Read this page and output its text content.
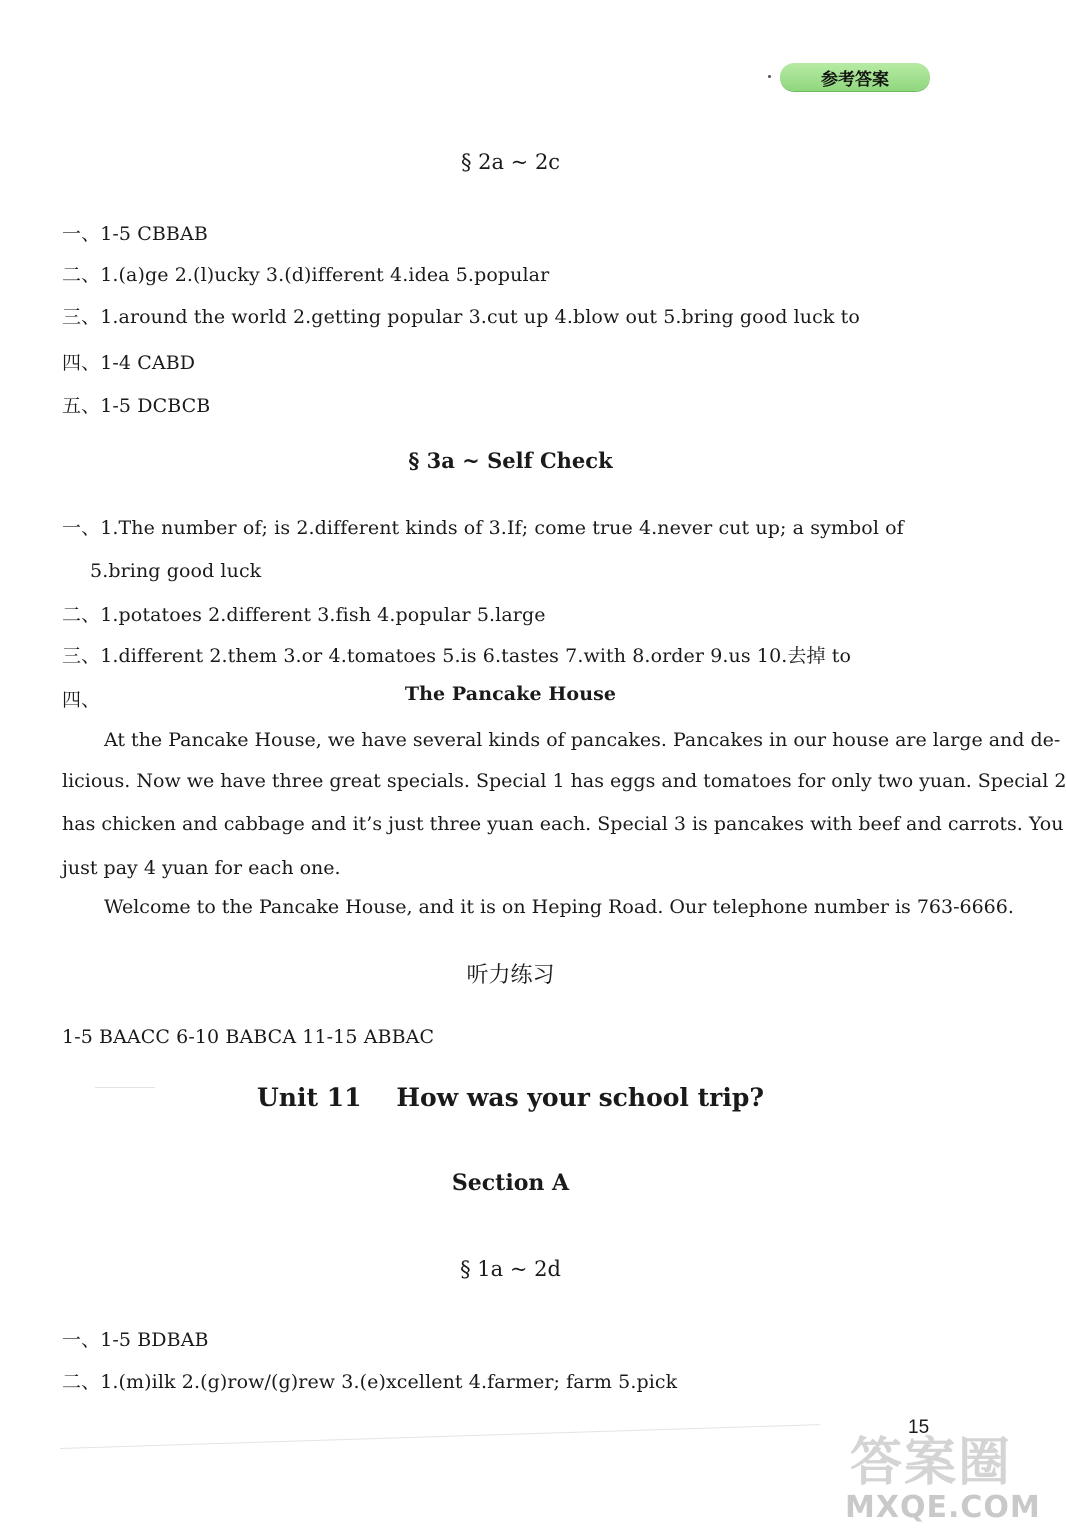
参考答案
§ 2a ~ 2c
一、1-5 CBBAB
二、1.(a)ge 2.(l)ucky 3.(d)ifferent 4.idea 5.popular
三、1.around the world 2.getting popular 3.cut up 4.blow out 5.bring good luck to
四、1-4 CABD
五、1-5 DCBCB
§ 3a ~ Self Check
一、1.The number of; is 2.different kinds of 3.If; come true 4.never cut up; a symbol of
5.bring good luck
二、1.potatoes 2.different 3.fish 4.popular 5.large
三、1.different 2.them 3.or 4.tomatoes 5.is 6.tastes 7.with 8.order 9.us 10.去掉 to
四、	The Pancake House
At the Pancake House, we have several kinds of pancakes. Pancakes in our house are large and de-
licious. Now we have three great specials. Special 1 has eggs and tomatoes for only two yuan. Special 2
has chicken and cabbage and it’s just three yuan each. Special 3 is pancakes with beef and carrots. You
just pay 4 yuan for each one.
Welcome to the Pancake House, and it is on Heping Road. Our telephone number is 763-6666.
听力练习
1-5 BAACC 6-10 BABCA 11-15 ABBAC
Unit 11    How was your school trip?
Section A
§ 1a ~ 2d
一、1-5 BDBAB
二、1.(m)ilk 2.(g)row/(g)rew 3.(e)xcellent 4.farmer; farm 5.pick
15
答案圈
MXQE.COM
